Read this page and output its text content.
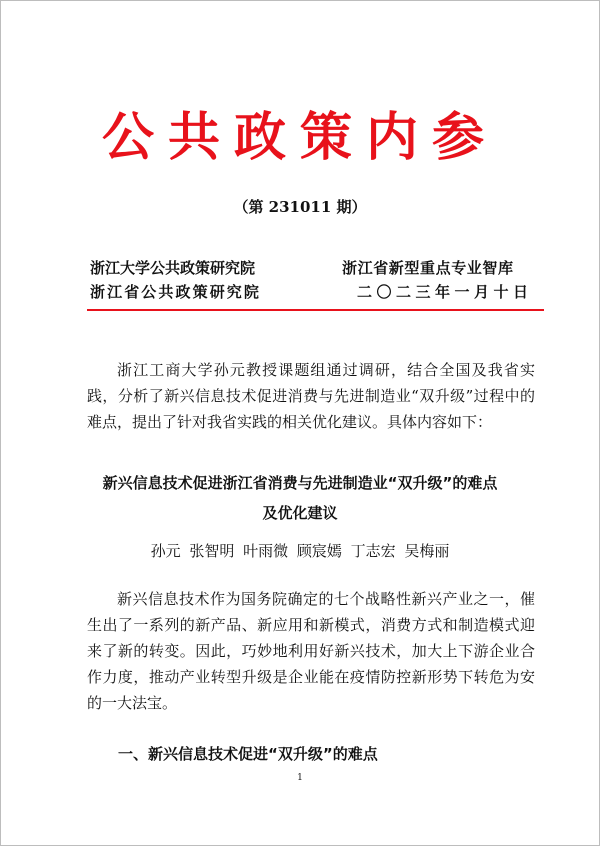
公共政策内参
（第 231011 期）
浙江大学公共政策研究院
浙江省公共政策研究院
浙江省新型重点专业智库
二〇二三年一月十日

浙江工商大学孙元教授课题组通过调研，结合全国及我省实践，分析了新兴信息技术促进消费与先进制造业“双升级”过程中的难点，提出了针对我省实践的相关优化建议。具体内容如下：

新兴信息技术促进浙江省消费与先进制造业“双升级”的难点
及优化建议
孙元 张智明 叶雨微 顾宸嫣 丁志宏 吴梅丽

新兴信息技术作为国务院确定的七个战略性新兴产业之一，催生出了一系列的新产品、新应用和新模式，消费方式和制造模式迎来了新的转变。因此，巧妙地利用好新兴技术，加大上下游企业合作力度，推动产业转型升级是企业能在疫情防控新形势下转危为安的一大法宝。

一、新兴信息技术促进“双升级”的难点
1
